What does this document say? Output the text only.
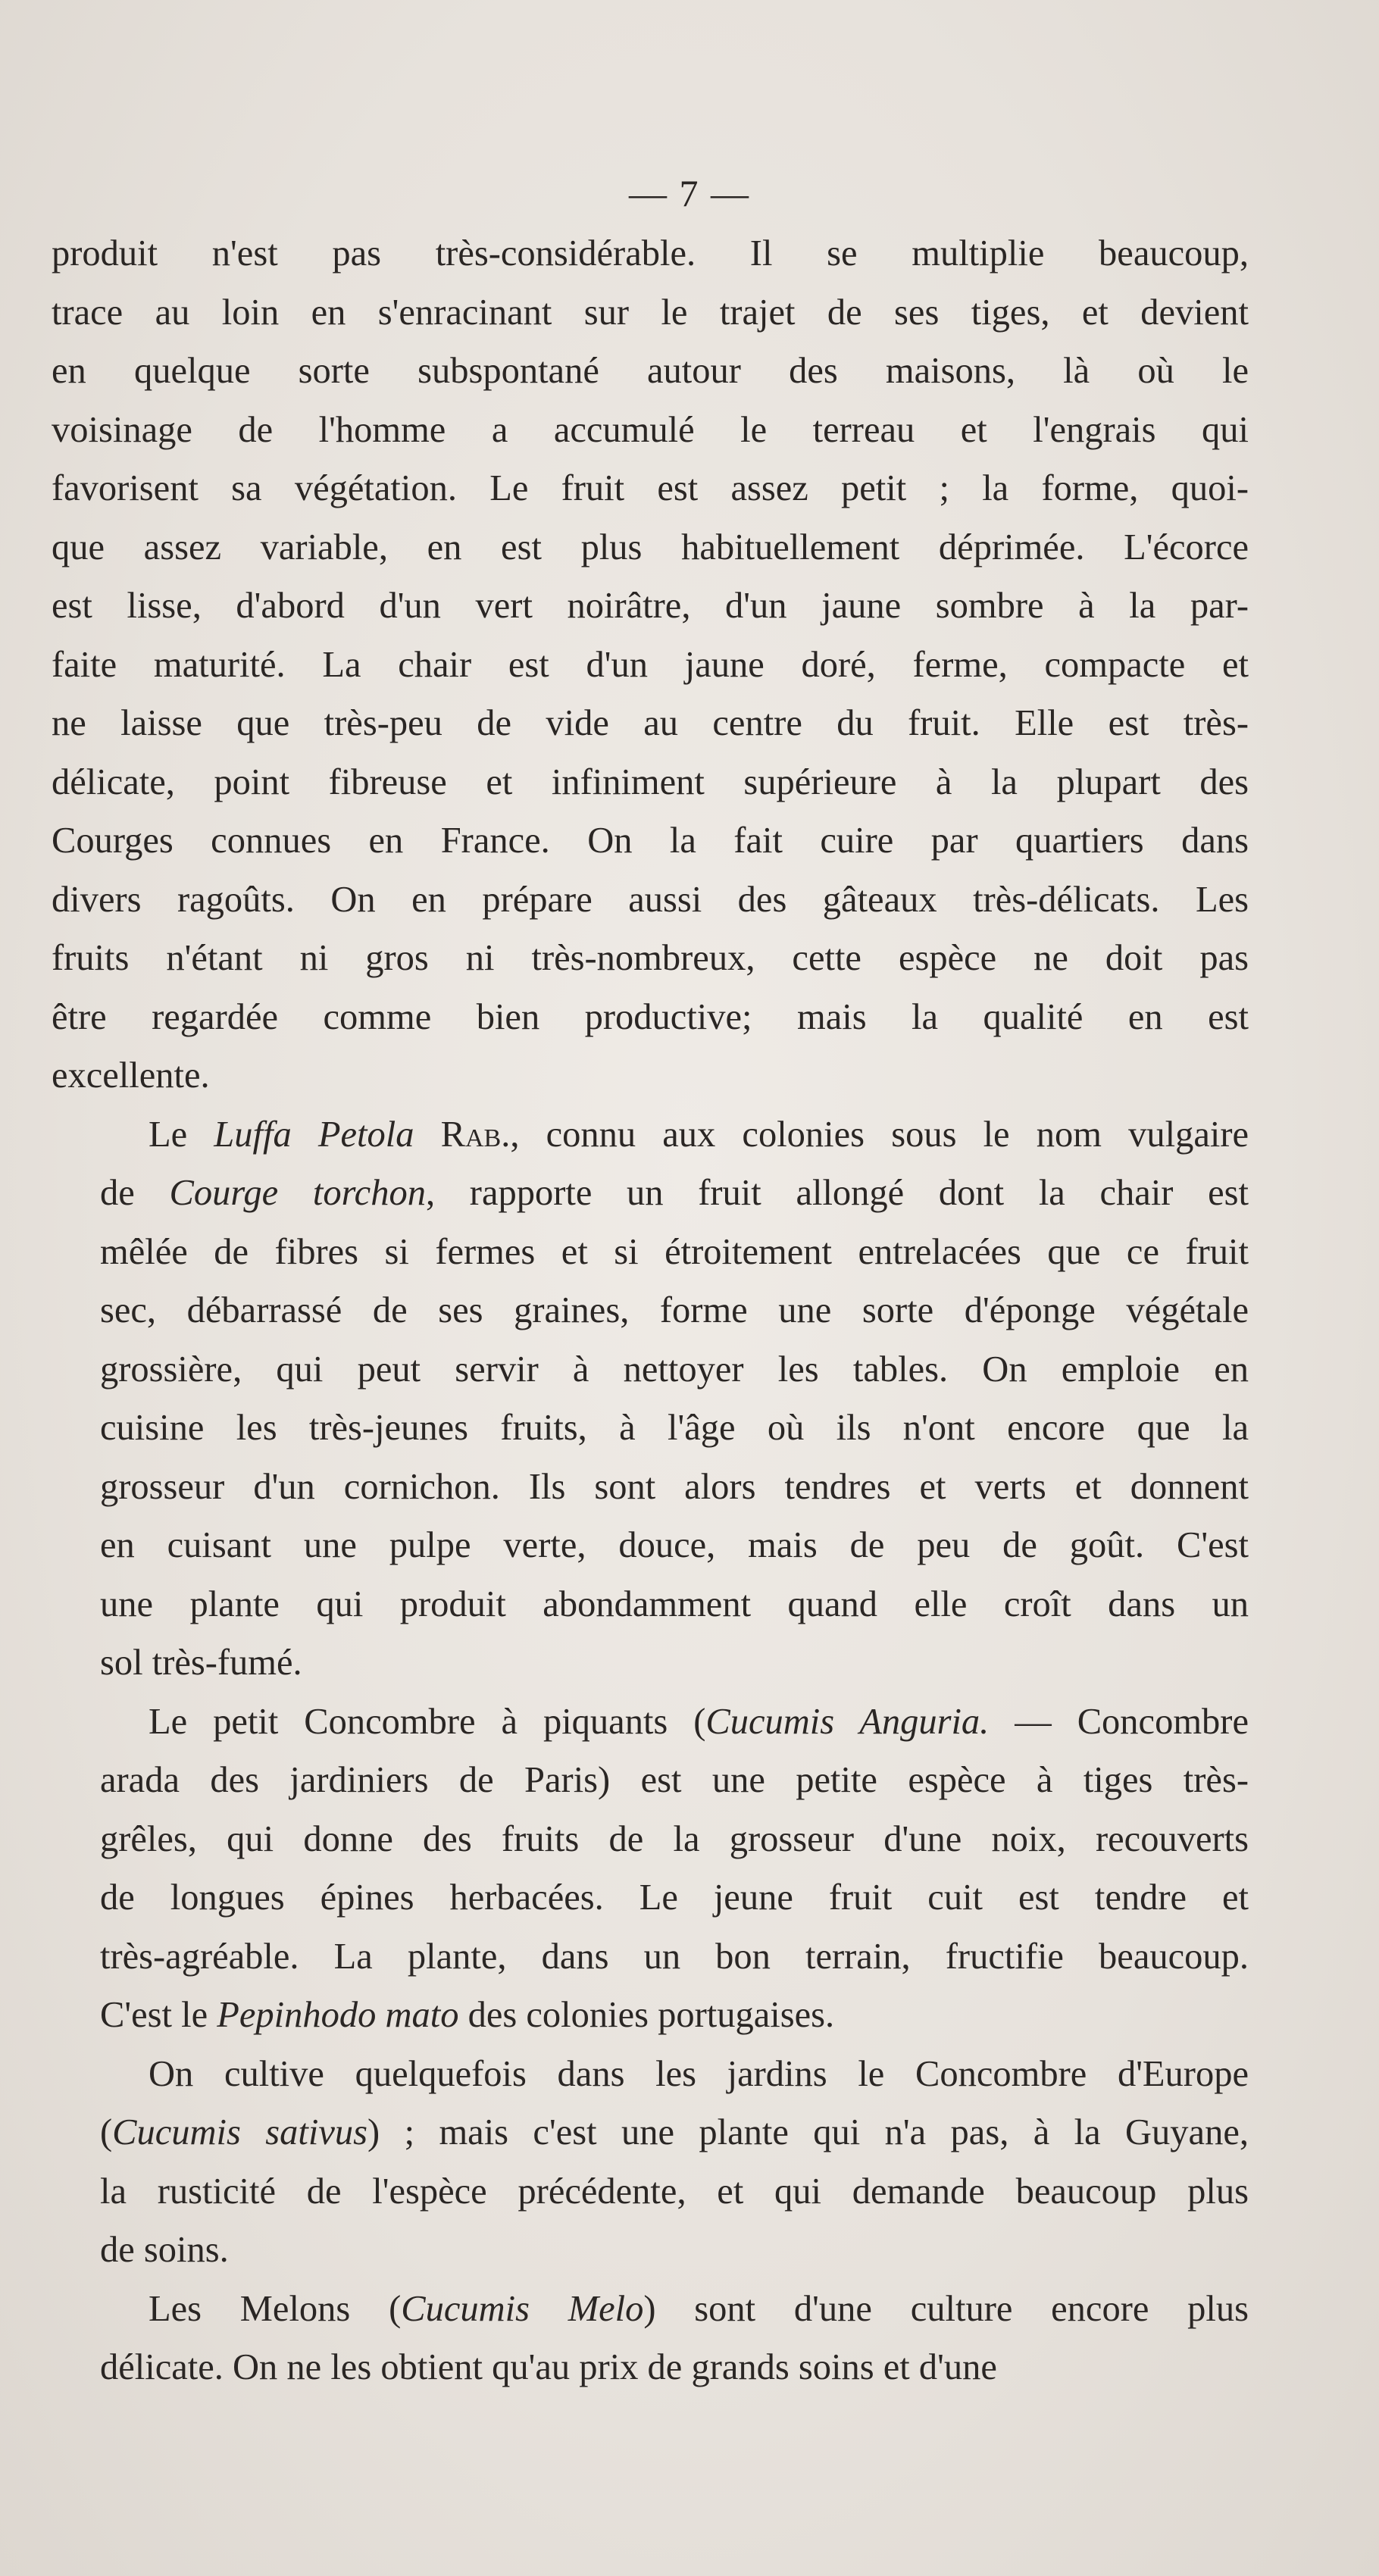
— 7 —
produit n'est pas très-considérable. Il se multiplie beaucoup,
trace au loin en s'enracinant sur le trajet de ses tiges, et devient
en quelque sorte subspontané autour des maisons, là où le
voisinage de l'homme a accumulé le terreau et l'engrais qui
favorisent sa végétation. Le fruit est assez petit ; la forme, quoi-
que assez variable, en est plus habituellement déprimée. L'écorce
est lisse, d'abord d'un vert noirâtre, d'un jaune sombre à la par-
faite maturité. La chair est d'un jaune doré, ferme, compacte et
ne laisse que très-peu de vide au centre du fruit. Elle est très-
délicate, point fibreuse et infiniment supérieure à la plupart des
Courges connues en France. On la fait cuire par quartiers dans
divers ragoûts. On en prépare aussi des gâteaux très-délicats. Les
fruits n'étant ni gros ni très-nombreux, cette espèce ne doit pas
être regardée comme bien productive; mais la qualité en est
excellente.
Le Luffa Petola Rab., connu aux colonies sous le nom vulgaire
de Courge torchon, rapporte un fruit allongé dont la chair est
mêlée de fibres si fermes et si étroitement entrelacées que ce fruit
sec, débarrassé de ses graines, forme une sorte d'éponge végétale
grossière, qui peut servir à nettoyer les tables. On emploie en
cuisine les très-jeunes fruits, à l'âge où ils n'ont encore que la
grosseur d'un cornichon. Ils sont alors tendres et verts et donnent
en cuisant une pulpe verte, douce, mais de peu de goût. C'est
une plante qui produit abondamment quand elle croît dans un
sol très-fumé.
Le petit Concombre à piquants (Cucumis Anguria. — Concombre
arada des jardiniers de Paris) est une petite espèce à tiges très-
grêles, qui donne des fruits de la grosseur d'une noix, recouverts
de longues épines herbacées. Le jeune fruit cuit est tendre et
très-agréable. La plante, dans un bon terrain, fructifie beaucoup.
C'est le Pepinhodo mato des colonies portugaises.
On cultive quelquefois dans les jardins le Concombre d'Europe
(Cucumis sativus) ; mais c'est une plante qui n'a pas, à la Guyane,
la rusticité de l'espèce précédente, et qui demande beaucoup plus
de soins.
Les Melons (Cucumis Melo) sont d'une culture encore plus
délicate. On ne les obtient qu'au prix de grands soins et d'une
